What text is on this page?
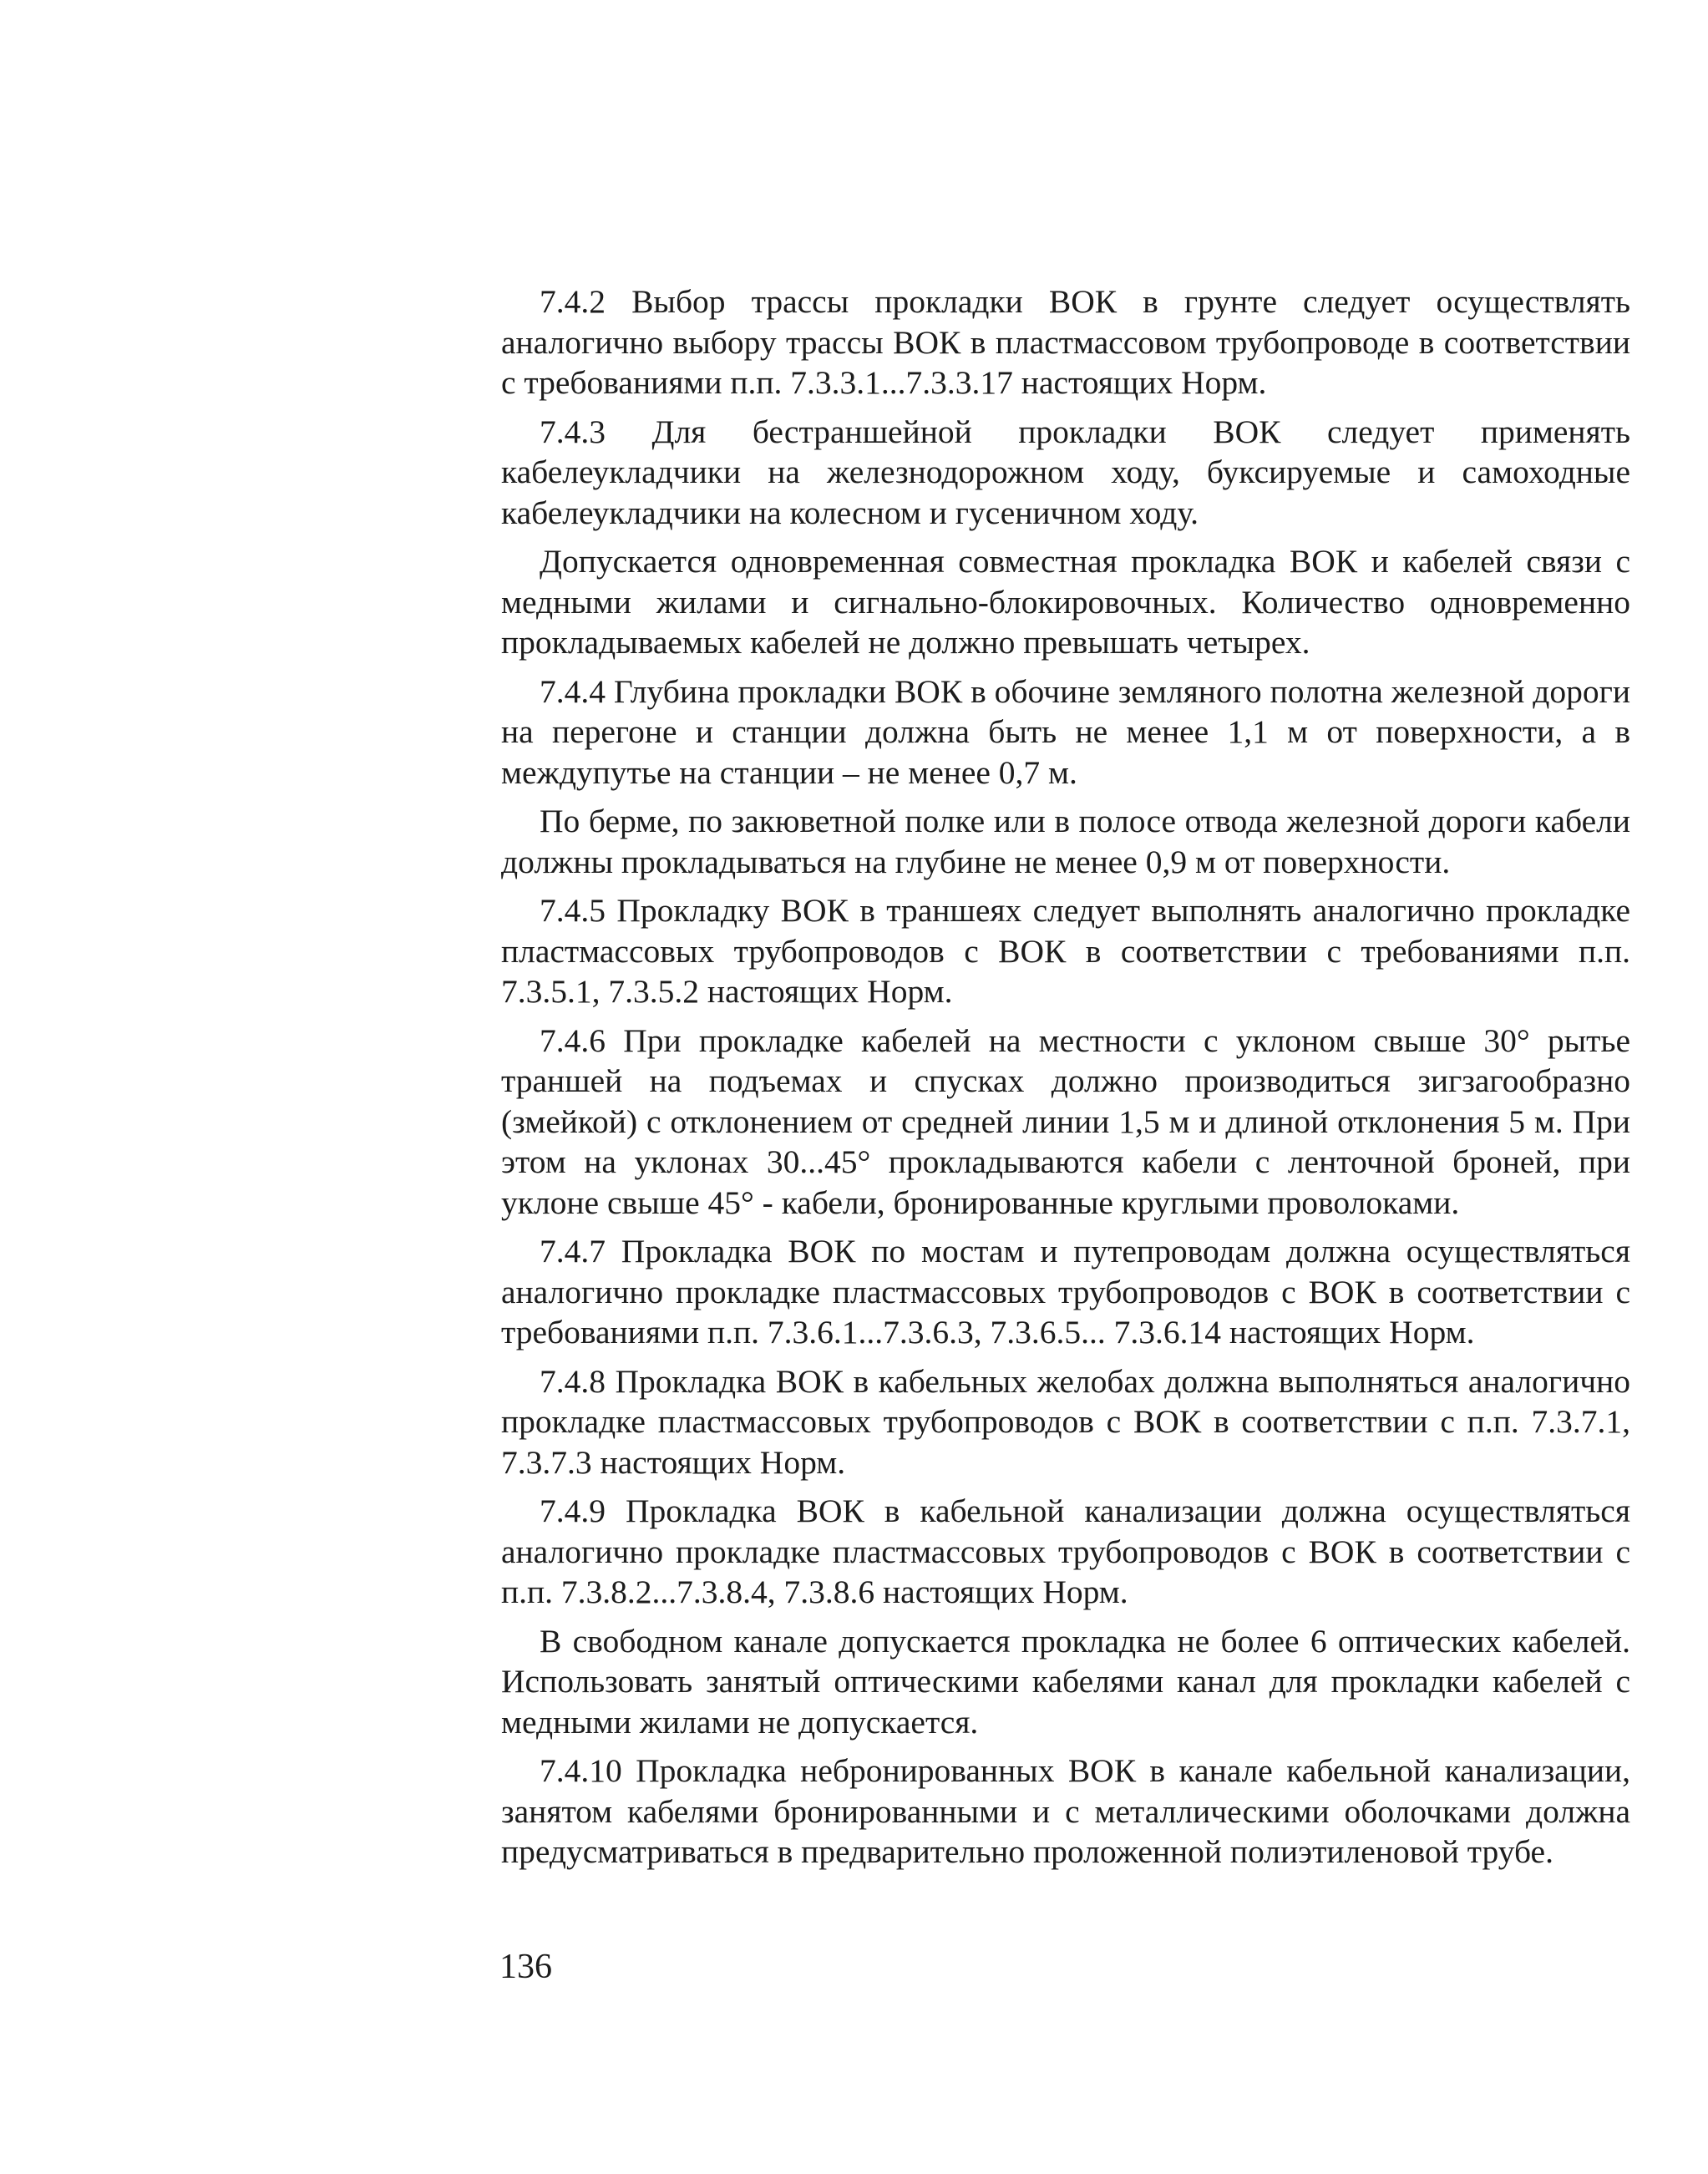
7.4.2 Выбор трассы прокладки ВОК в грунте следует осуществлять аналогично выбору трассы ВОК в пластмассовом трубопроводе в соответствии с требованиями п.п. 7.3.3.1...7.3.3.17 настоящих Норм.

7.4.3 Для бестраншейной прокладки ВОК следует применять кабелеукладчики на железнодорожном ходу, буксируемые и самоходные кабелеукладчики на колесном и гусеничном ходу.

Допускается одновременная совместная прокладка ВОК и кабелей связи с медными жилами и сигнально-блокировочных. Количество одновременно прокладываемых кабелей не должно превышать четырех.

7.4.4 Глубина прокладки ВОК в обочине земляного полотна железной дороги на перегоне и станции должна быть не менее 1,1 м от поверхности, а в междупутье на станции – не менее 0,7 м.

По берме, по закюветной полке или в полосе отвода железной дороги кабели должны прокладываться на глубине не менее 0,9 м от поверхности.

7.4.5 Прокладку ВОК в траншеях следует выполнять аналогично прокладке пластмассовых трубопроводов с ВОК в соответствии с требованиями п.п. 7.3.5.1, 7.3.5.2 настоящих Норм.

7.4.6 При прокладке кабелей на местности с уклоном свыше 30° рытье траншей на подъемах и спусках должно производиться зигзагообразно (змейкой) с отклонением от средней линии 1,5 м и длиной отклонения 5 м. При этом на уклонах 30...45° прокладываются кабели с ленточной броней, при уклоне свыше 45° - кабели, бронированные круглыми проволоками.

7.4.7 Прокладка ВОК по мостам и путепроводам должна осуществляться аналогично прокладке пластмассовых трубопроводов с ВОК в соответствии с требованиями п.п. 7.3.6.1...7.3.6.3, 7.3.6.5... 7.3.6.14 настоящих Норм.

7.4.8 Прокладка ВОК в кабельных желобах должна выполняться аналогично прокладке пластмассовых трубопроводов с ВОК в соответствии с п.п. 7.3.7.1, 7.3.7.3 настоящих Норм.

7.4.9 Прокладка ВОК в кабельной канализации должна осуществляться аналогично прокладке пластмассовых трубопроводов с ВОК в соответствии с п.п. 7.3.8.2...7.3.8.4, 7.3.8.6 настоящих Норм.

В свободном канале допускается прокладка не более 6 оптических кабелей. Использовать занятый оптическими кабелями канал для прокладки кабелей с медными жилами не допускается.

7.4.10 Прокладка небронированных ВОК в канале кабельной канализации, занятом кабелями бронированными и с металлическими оболочками должна предусматриваться в предварительно проложенной полиэтиленовой трубе.

136
